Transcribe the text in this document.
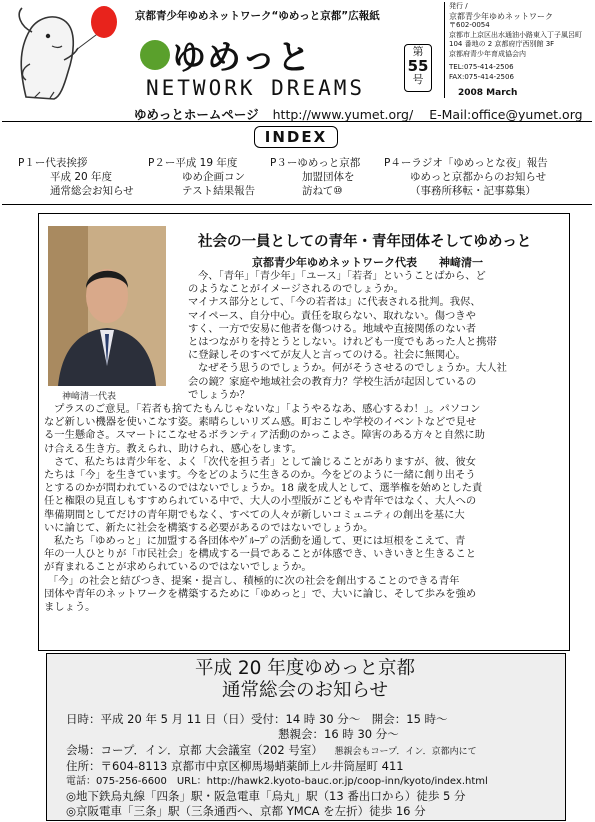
京都青少年ゆめネットワーク“ゆめっと京都”広報紙
ゆめっと
NETWORK DREAMS
第
55
号
発行 /
京都青少年ゆめネットワーク
〒602-0054
京都市上京区出水通油小路東入丁子風呂町
104 番地の 2 京都府庁西別館 3F
京都府青少年育成協会内
TEL:075-414-2506
FAX:075-414-2506
2008 March
ゆめっとホームページ http://www.yumet.org/ E-Mail:office@yumet.org
INDEX
P１ー代表挨拶
平成 20 年度
通常総会お知らせ
P２ー平成 19 年度
ゆめ企画コン
テスト結果報告
P３ーゆめっと京都
加盟団体を
訪ねて⑩
P４ーラジオ「ゆめっとな夜」報告
ゆめっと京都からのお知らせ
（事務所移転・記事募集）
神﨑清一代表
社会の一員としての青年・青年団体そしてゆめっと
京都青少年ゆめネットワーク代表　　神﨑清一
今、「青年」「青少年」「ユース」「若者」ということばから、ど
のようなことがイメージされるのでしょうか。
マイナス部分として、「今の若者は」に代表される批判。我侭、
マイペース、自分中心。責任を取らない、取れない。傷つきや
すく、一方で安易に他者を傷つける。地域や直接関係のない者
とはつながりを持とうとしない。けれども一度でもあった人と携帯
に登録しそのすべてが友人と言ってのける。社会に無関心。
なぜそう思うのでしょうか。何がそうさせるのでしょうか。大人社
会の鏡？家庭や地域社会の教育力？学校生活が起因しているの
でしょうか？
プラスのご意見。「若者も捨てたもんじゃないな」「ようやるなあ、感心するわ！」。パソコン
など新しい機器を使いこなす姿。素晴らしいリズム感。町おこしや学校のイベントなどで見せ
る一生懸命さ。スマートにこなせるボランティア活動のかっこよさ。障害のある方々と自然に助
け合える生き方。教えられ、助けられ、感心をします。
さて、私たちは青少年を、よく「次代を担う者」として論じることがありますが、彼、彼女
たちは「今」を生きています。今をどのように生きるのか。今をどのように一緒に創り出そう
とするのかが問われているのではないでしょうか。18 歳を成人として、選挙権を始めとした責
任と権限の見直しもすすめられている中で、大人の小型版がこどもや青年ではなく、大人への
準備期間としてだけの青年期でもなく、すべての人々が新しいコミュニティの創出を基に大
いに論じて、新たに社会を構築する必要があるのではないでしょうか。
私たち「ゆめっと」に加盟する各団体やｸﾞﾙｰﾌﾟの活動を通して、更には垣根をこえて、青
年の一人ひとりが「市民社会」を構成する一員であることが体感でき、いきいきと生きること
が育まれることが求められているのではないでしょうか。
「今」の社会と結びつき、提案・提言し、積極的に次の社会を創出することのできる青年
団体や青年のネットワークを構築するために「ゆめっと」で、大いに論じ、そして歩みを強め
ましょう。
平成 20 年度ゆめっと京都
通常総会のお知らせ
日時：平成 20 年 5 月 11 日（日）受付：14 時 30 分～　開会：15 時～
懇親会：16 時 30 分～
会場：コープ．イン．京都 大会議室（202 号室） 懇親会もコープ．イン．京都内にて
住所：〒604-8113 京都市中京区柳馬場蛸薬師上ル井筒屋町 411
電話：075-256-6600　URL：http://hawk2.kyoto-bauc.or.jp/coop-inn/kyoto/index.html
◎地下鉄烏丸線「四条」駅・阪急電車「烏丸」駅（13 番出口から）徒歩 5 分
◎京阪電車「三条」駅（三条通西へ、京都 YMCA を左折）徒歩 16 分
